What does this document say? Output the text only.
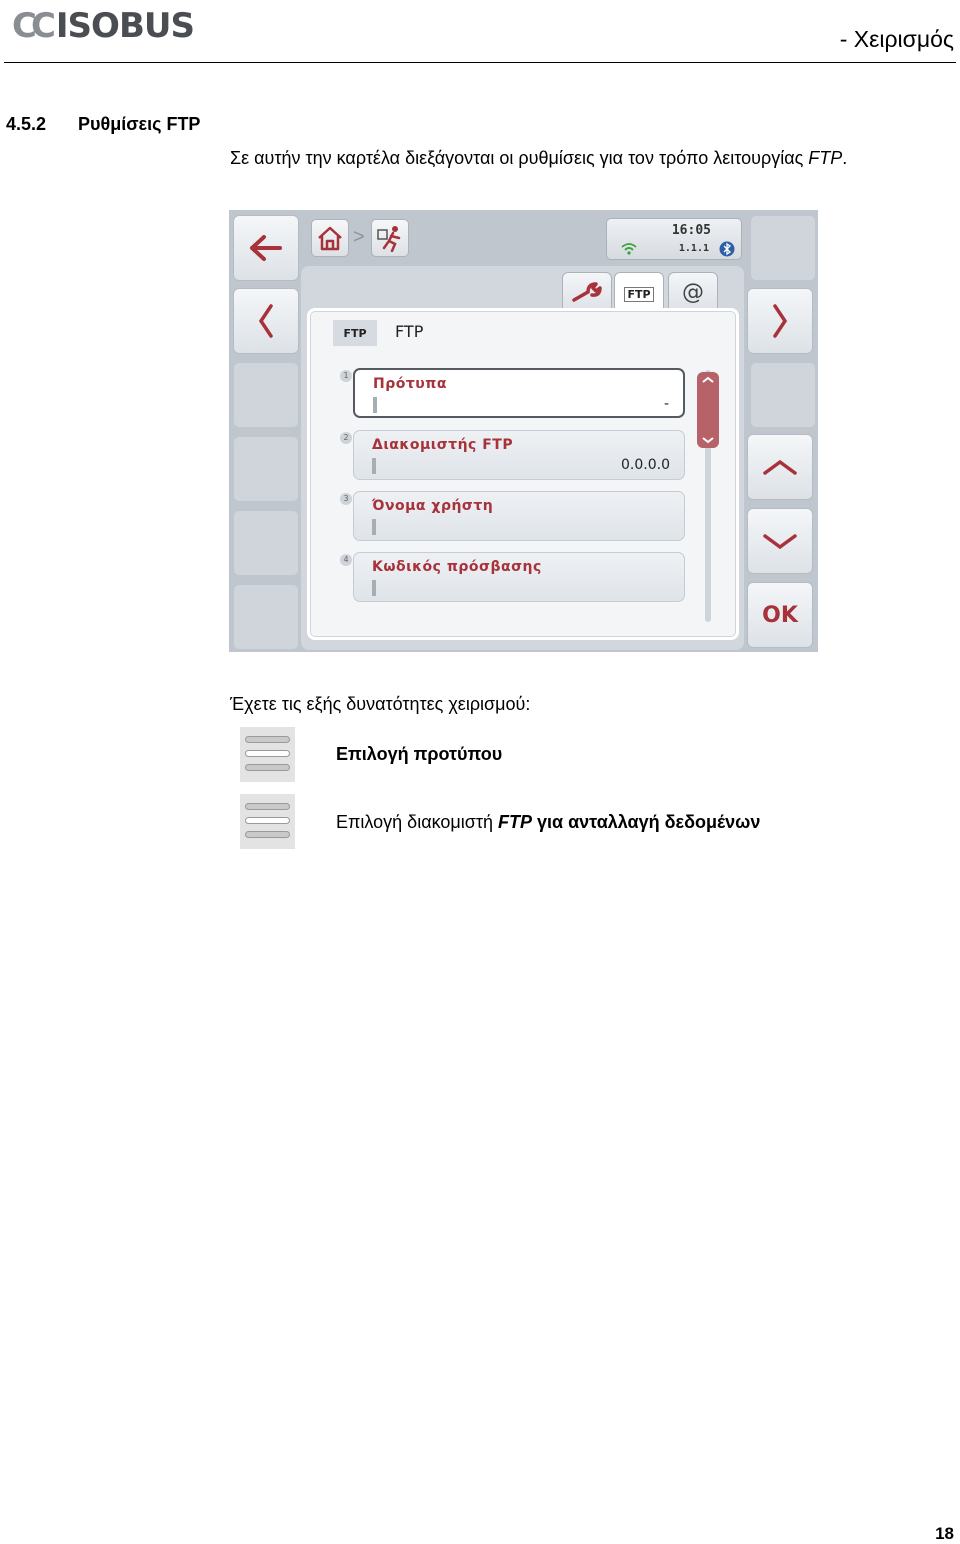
CC ISOBUS	- Χειρισμός
4.5.2 Ρυθμίσεις FTP
Σε αυτήν την καρτέλα διεξάγονται οι ρυθμίσεις για τον τρόπο λειτουργίας FTP.
>	16:05
1.1.1
FTP @
FTP	FTP
1
Πρότυπα
-
2 Διακομιστής FTP
0.0.0.0
3 Όνομα χρήστη
4 Κωδικός πρόσβασης
OK
Έχετε τις εξής δυνατότητες χειρισμού:
Επιλογή προτύπου
Επιλογή διακομιστή FTP για ανταλλαγή δεδομένων
18
